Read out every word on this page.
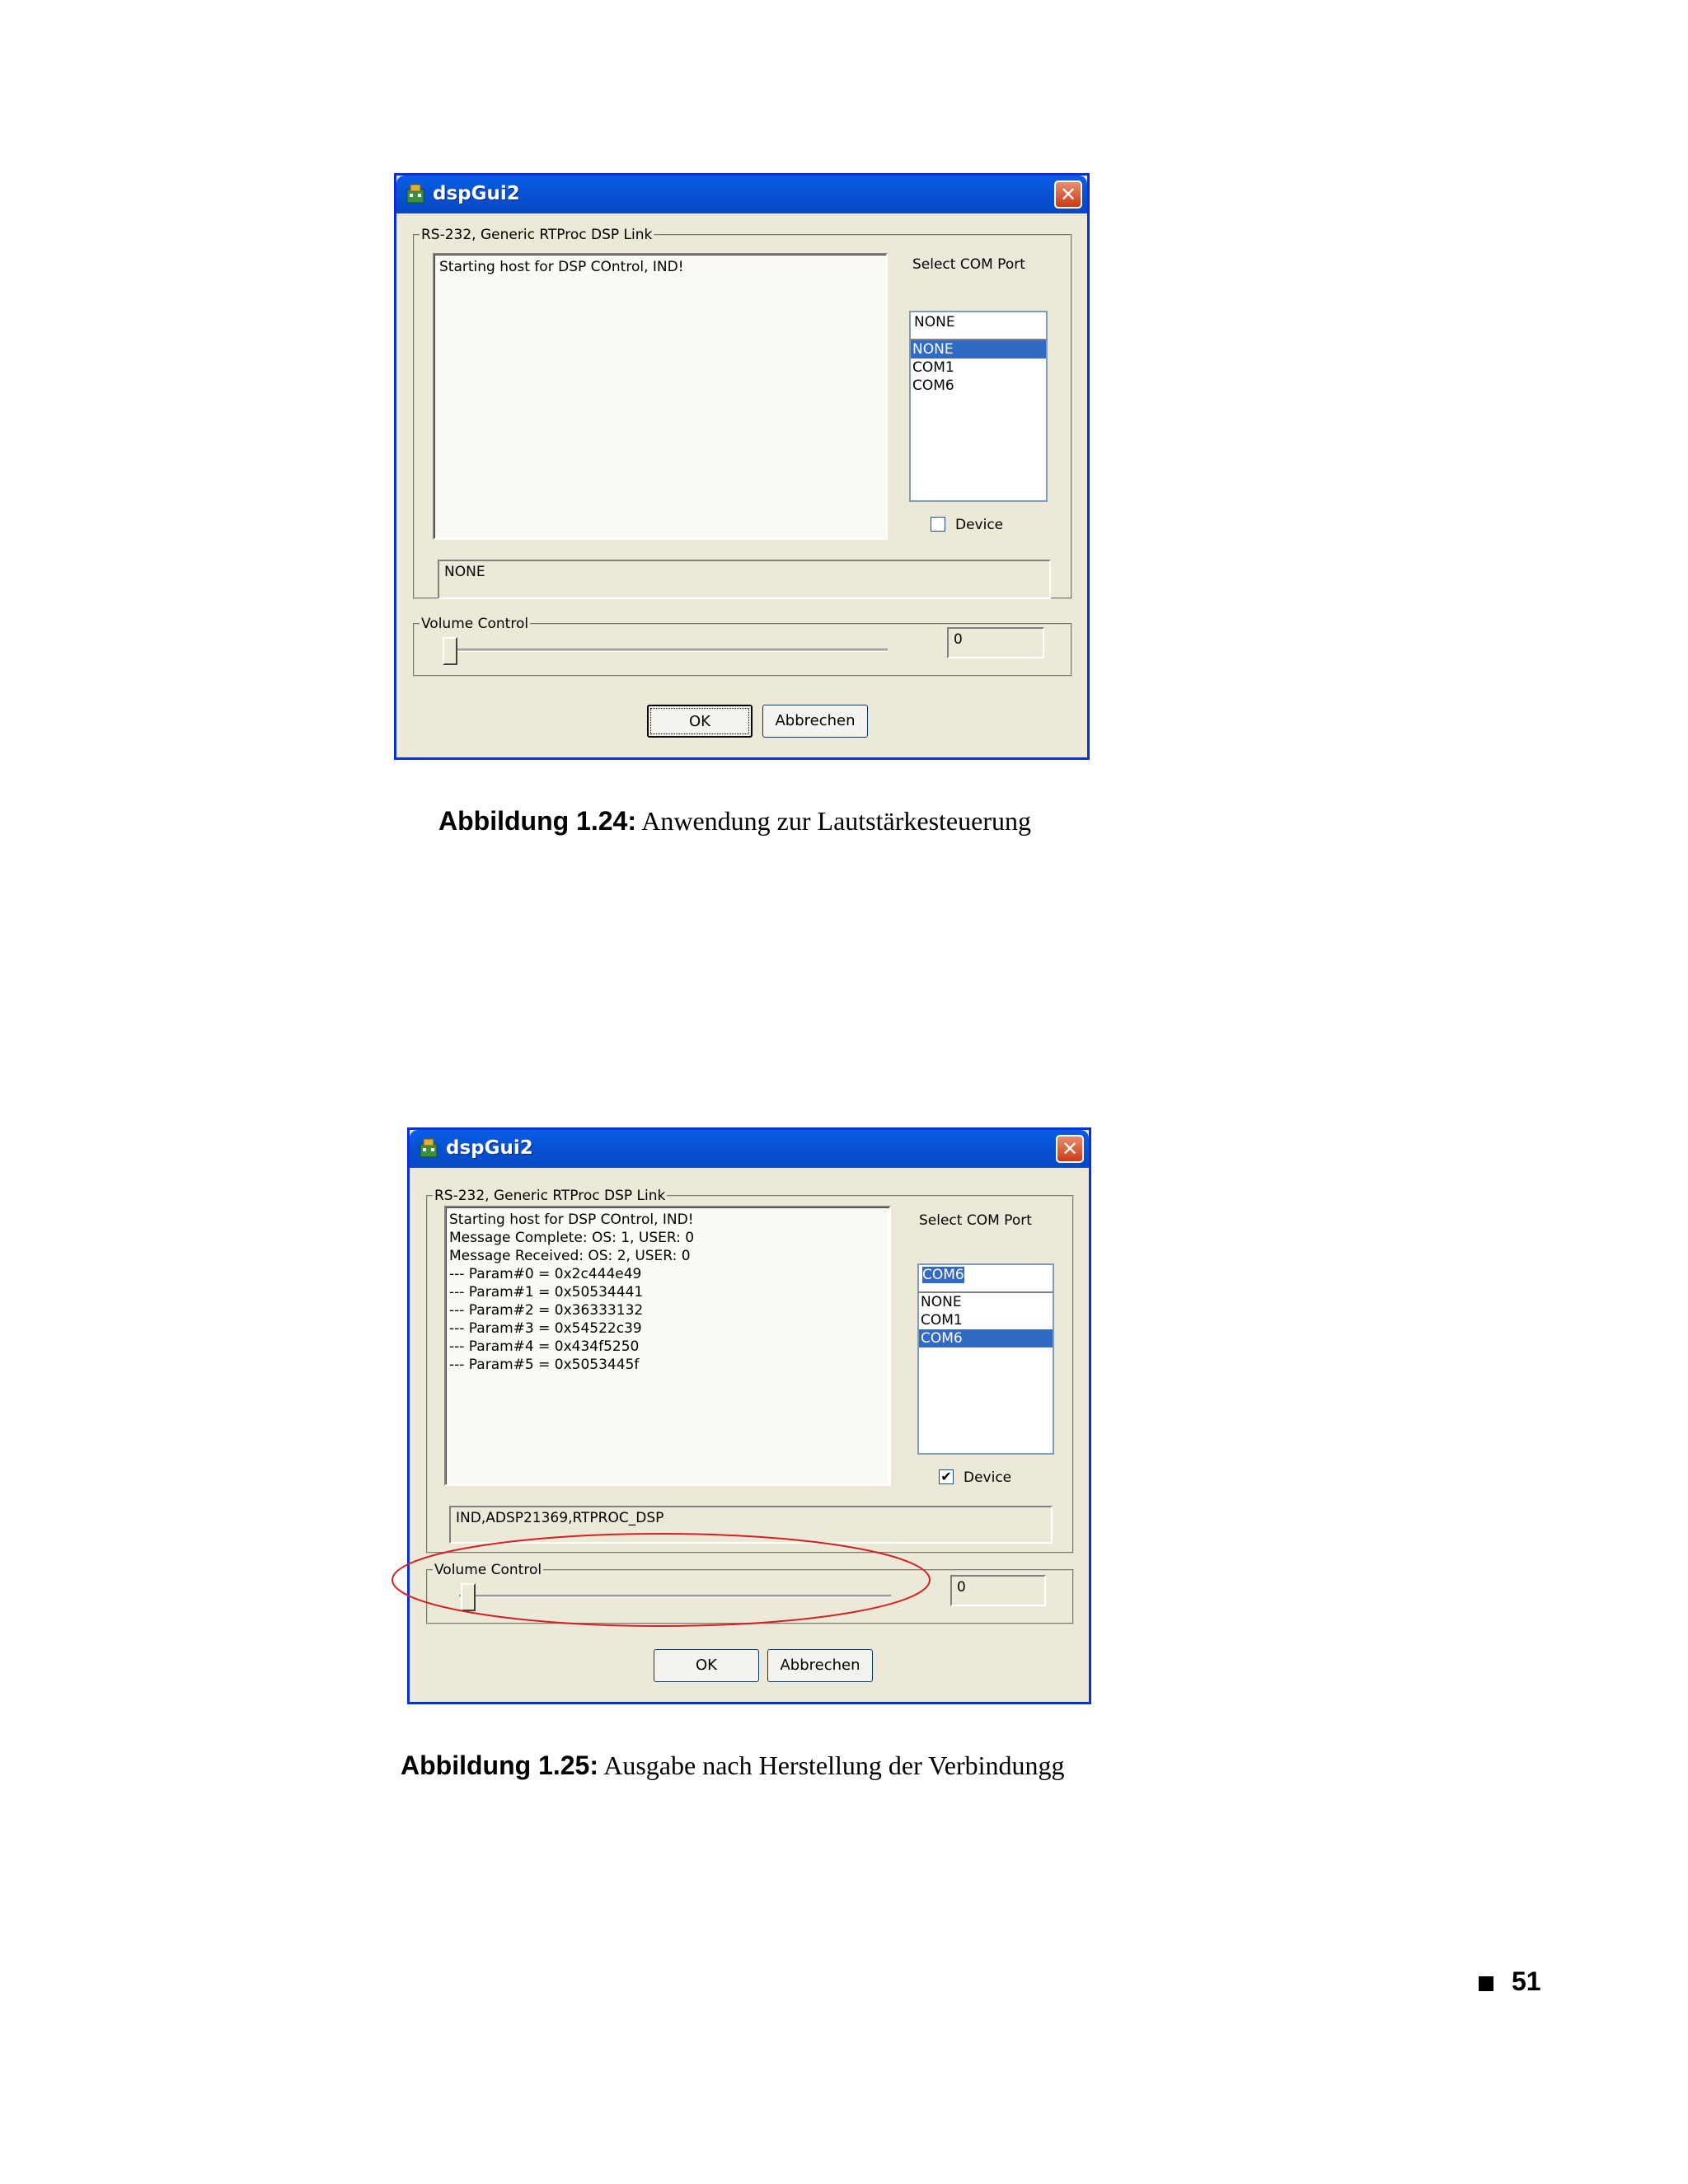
dspGui2	✕
RS-232, Generic RTProc DSP Link
Starting host for DSP COntrol, IND!	Select COM Port
NONE
NONE
COM1
COM6
Device
NONE
Volume Control
0
OK	Abbrechen
Abbildung 1.24: Anwendung zur Lautstärkesteuerung
dspGui2	✕
RS-232, Generic RTProc DSP Link
Starting host for DSP COntrol, IND!
Message Complete: OS: 1, USER: 0
Message Received: OS: 2, USER: 0
--- Param#0 = 0x2c444e49
--- Param#1 = 0x50534441
--- Param#2 = 0x36333132
--- Param#3 = 0x54522c39
--- Param#4 = 0x434f5250
--- Param#5 = 0x5053445f
Select COM Port
COM6
NONE
COM1
COM6
✔ Device
IND,ADSP21369,RTPROC_DSP
Volume Control
0
OK	Abbrechen
Abbildung 1.25: Ausgabe nach Herstellung der Verbindungg
51
